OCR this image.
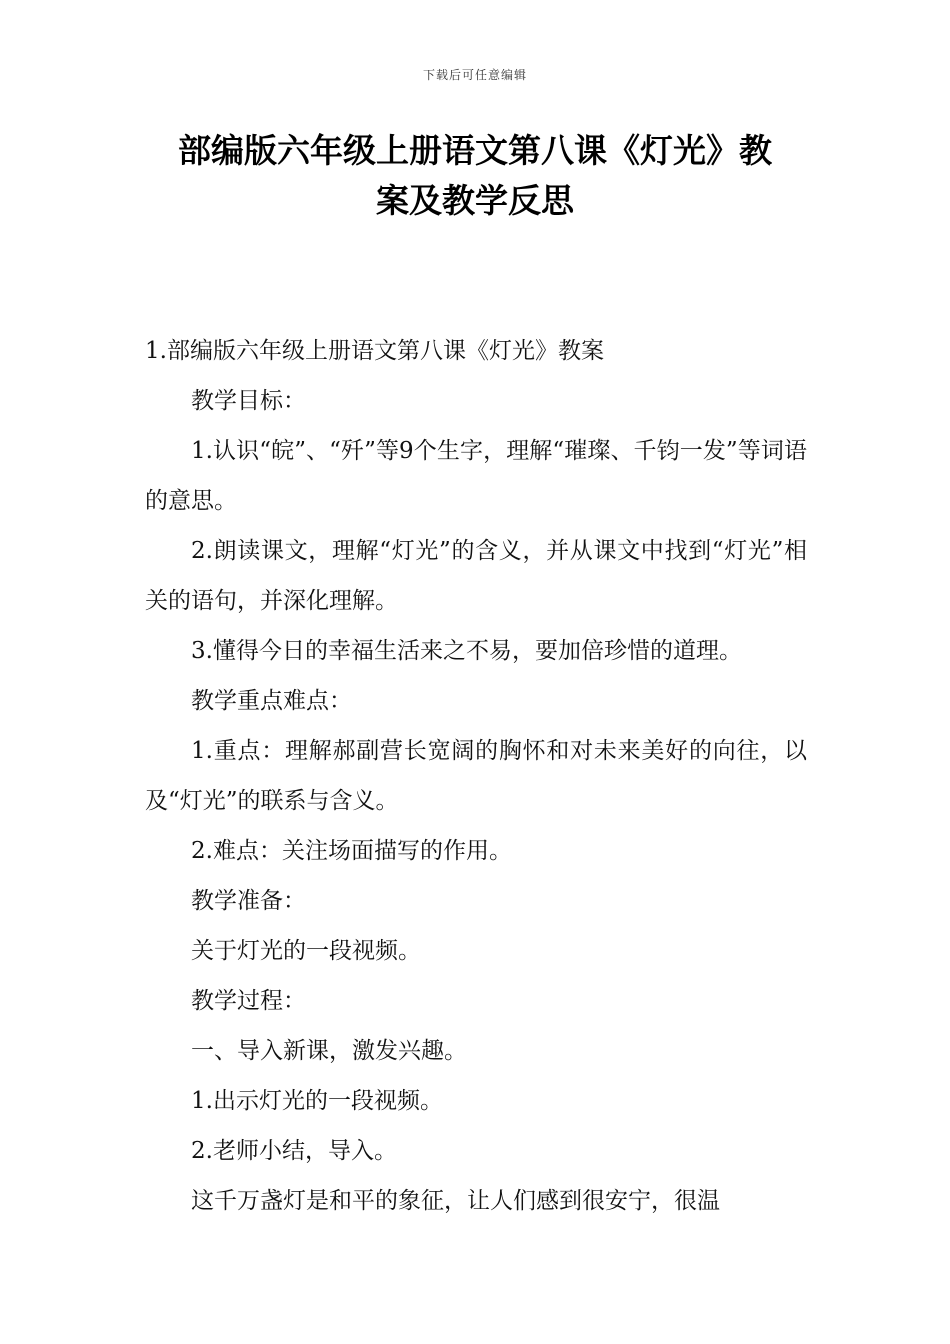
下载后可任意编辑
部编版六年级上册语文第八课《灯光》教
案及教学反思

1.部编版六年级上册语文第八课《灯光》教案

教学目标：

1.认识“皖”、“歼”等9个生字，理解“璀璨、千钧一发”等词语的意思。

2.朗读课文，理解“灯光”的含义，并从课文中找到“灯光”相关的语句，并深化理解。

3.懂得今日的幸福生活来之不易，要加倍珍惜的道理。

教学重点难点：

1.重点：理解郝副营长宽阔的胸怀和对未来美好的向往，以及“灯光”的联系与含义。

2.难点：关注场面描写的作用。

教学准备：

关于灯光的一段视频。

教学过程：

一、导入新课，激发兴趣。

1.出示灯光的一段视频。

2.老师小结，导入。

这千万盏灯是和平的象征，让人们感到很安宁，很温
